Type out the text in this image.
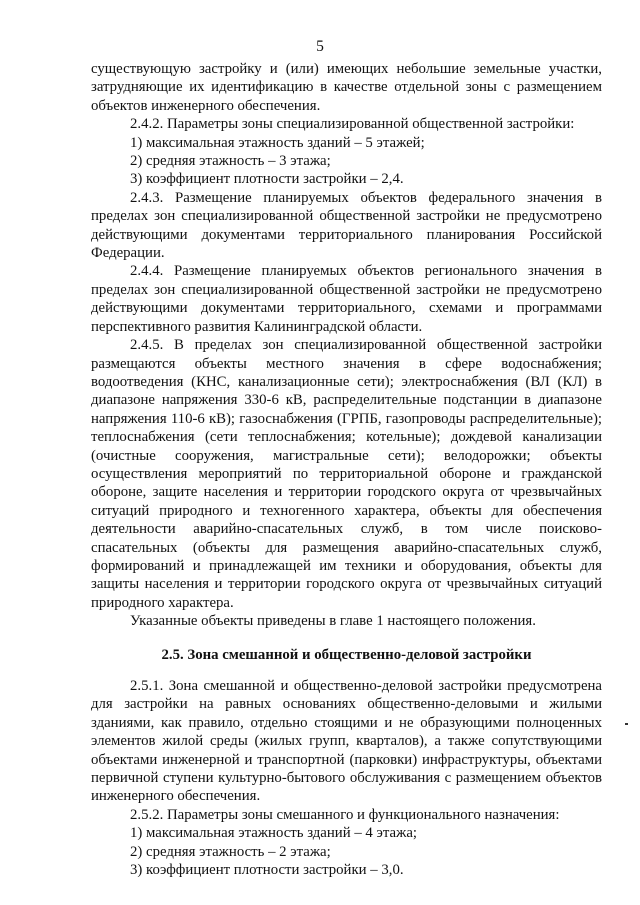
5

существующую застройку и (или) имеющих небольшие земельные участки, затрудняющие их идентификацию в качестве отдельной зоны с размещением объектов инженерного обеспечения.

2.4.2. Параметры зоны специализированной общественной застройки:

1) максимальная этажность зданий – 5 этажей;

2) средняя этажность – 3 этажа;

3) коэффициент плотности застройки – 2,4.

2.4.3. Размещение планируемых объектов федерального значения в пределах зон специализированной общественной застройки не предусмотрено действующими документами территориального планирования Российской Федерации.

2.4.4. Размещение планируемых объектов регионального значения в пределах зон специализированной общественной застройки не предусмотрено действующими документами территориального, схемами и программами перспективного развития Калининградской области.

2.4.5. В пределах зон специализированной общественной застройки размещаются объекты местного значения в сфере водоснабжения; водоотведения (КНС, канализационные сети); электроснабжения (ВЛ (КЛ) в диапазоне напряжения 330-6 кВ, распределительные подстанции в диапазоне напряжения 110-6 кВ); газоснабжения (ГРПБ, газопроводы распределительные); теплоснабжения (сети теплоснабжения; котельные); дождевой канализации (очистные сооружения, магистральные сети); велодорожки; объекты осуществления мероприятий по территориальной обороне и гражданской обороне, защите населения и территории городского округа от чрезвычайных ситуаций природного и техногенного характера, объекты для обеспечения деятельности аварийно-спасательных служб, в том числе поисково-спасательных (объекты для размещения аварийно-спасательных служб, формирований и принадлежащей им техники и оборудования, объекты для защиты населения и территории городского округа от чрезвычайных ситуаций природного характера.

Указанные объекты приведены в главе 1 настоящего положения.

2.5. Зона смешанной и общественно-деловой застройки

2.5.1. Зона смешанной и общественно-деловой застройки предусмотрена для застройки на равных основаниях общественно-деловыми и жилыми зданиями, как правило, отдельно стоящими и не образующими полноценных элементов жилой среды (жилых групп, кварталов), а также сопутствующими объектами инженерной и транспортной (парковки) инфраструктуры, объектами первичной ступени культурно-бытового обслуживания с размещением объектов инженерного обеспечения.

2.5.2. Параметры зоны смешанного и функционального назначения:

1) максимальная этажность зданий – 4 этажа;

2) средняя этажность – 2 этажа;

3) коэффициент плотности застройки – 3,0.
